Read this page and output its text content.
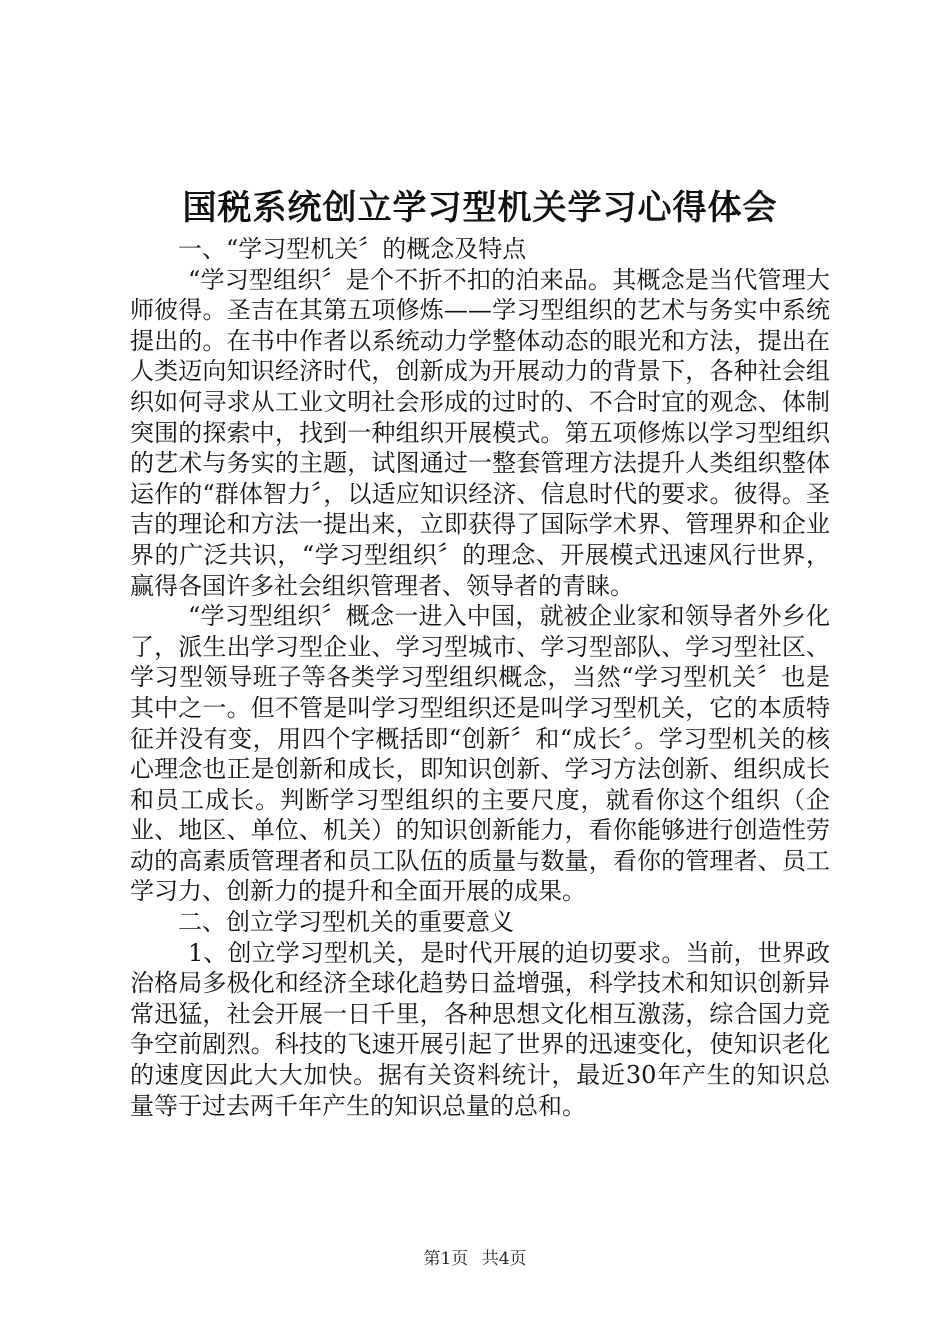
国税系统创立学习型机关学习心得体会

一、“学习型机关〞的概念及特点

“学习型组织〞是个不折不扣的泊来品。其概念是当代管理大师彼得。圣吉在其第五项修炼——学习型组织的艺术与务实中系统提出的。在书中作者以系统动力学整体动态的眼光和方法，提出在人类迈向知识经济时代，创新成为开展动力的背景下，各种社会组织如何寻求从工业文明社会形成的过时的、不合时宜的观念、体制突围的探索中，找到一种组织开展模式。第五项修炼以学习型组织的艺术与务实的主题，试图通过一整套管理方法提升人类组织整体运作的“群体智力〞，以适应知识经济、信息时代的要求。彼得。圣吉的理论和方法一提出来，立即获得了国际学术界、管理界和企业界的广泛共识，“学习型组织〞的理念、开展模式迅速风行世界，赢得各国许多社会组织管理者、领导者的青睐。

“学习型组织〞概念一进入中国，就被企业家和领导者外乡化了，派生出学习型企业、学习型城市、学习型部队、学习型社区、学习型领导班子等各类学习型组织概念，当然“学习型机关〞也是其中之一。但不管是叫学习型组织还是叫学习型机关，它的本质特征并没有变，用四个字概括即“创新〞和“成长〞。学习型机关的核心理念也正是创新和成长，即知识创新、学习方法创新、组织成长和员工成长。判断学习型组织的主要尺度，就看你这个组织（企业、地区、单位、机关）的知识创新能力，看你能够进行创造性劳动的高素质管理者和员工队伍的质量与数量，看你的管理者、员工学习力、创新力的提升和全面开展的成果。

二、创立学习型机关的重要意义

1、创立学习型机关，是时代开展的迫切要求。当前，世界政治格局多极化和经济全球化趋势日益增强，科学技术和知识创新异常迅猛，社会开展一日千里，各种思想文化相互激荡，综合国力竞争空前剧烈。科技的飞速开展引起了世界的迅速变化，使知识老化的速度因此大大加快。据有关资料统计，最近30年产生的知识总量等于过去两千年产生的知识总量的总和。

第1页 共4页
